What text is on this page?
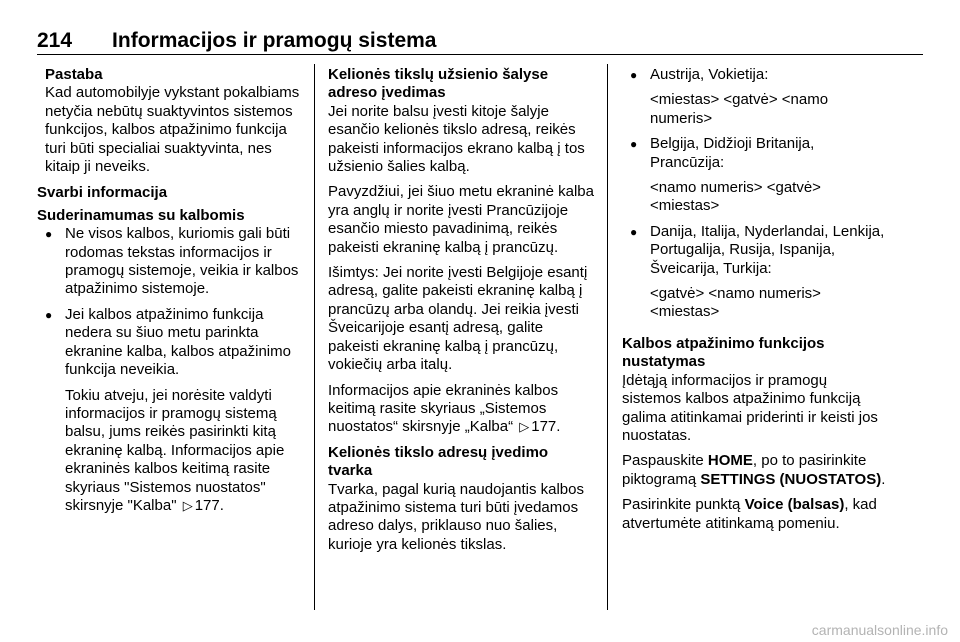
214 Informacijos ir pramogų sistema
Pastaba
Kad automobilyje vykstant pokalbiams netyčia nebūtų suaktyvintos sistemos funkcijos, kalbos atpažinimo funkcija turi būti specialiai suaktyvinta, nes kitaip ji neveiks.
Svarbi informacija
Suderinamumas su kalbomis

● Ne visos kalbos, kuriomis gali būti rodomas tekstas informacijos ir pramogų sistemoje, veikia ir kalbos atpažinimo sistemoje.

● Jei kalbos atpažinimo funkcija nedera su šiuo metu parinkta ekranine kalba, kalbos atpažinimo funkcija neveikia.

Tokiu atveju, jei norėsite valdyti informacijos ir pramogų sistemą balsu, jums reikės pasirinkti kitą ekraninę kalbą. Informacijos apie ekraninės kalbos keitimą rasite skyriaus "Sistemos nuostatos" skirsnyje "Kalba" ▷ 177.

Kelionės tikslų užsienio šalyse adreso įvedimas

Jei norite balsu įvesti kitoje šalyje esančio kelionės tikslo adresą, reikės pakeisti informacijos ekrano kalbą į tos užsienio šalies kalbą.

Pavyzdžiui, jei šiuo metu ekraninė kalba yra anglų ir norite įvesti Prancūzijoje esančio miesto pavadinimą, reikės pakeisti ekraninę kalbą į prancūzų.

Išimtys: Jei norite įvesti Belgijoje esantį adresą, galite pakeisti ekraninę kalbą į prancūzų arba olandų. Jei reikia įvesti Šveicarijoje esantį adresą, galite pakeisti ekraninę kalbą į prancūzų, vokiečių arba italų.

Informacijos apie ekraninės kalbos keitimą rasite skyriaus „Sistemos nuostatos“ skirsnyje „Kalba“ ▷ 177.

Kelionės tikslo adresų įvedimo tvarka

Tvarka, pagal kurią naudojantis kalbos atpažinimo sistema turi būti įvedamos adreso dalys, priklauso nuo šalies, kurioje yra kelionės tikslas.

● Austrija, Vokietija:

<miestas> <gatvė> <namo numeris>

● Belgija, Didžioji Britanija, Prancūzija:

<namo numeris> <gatvė> <miestas>

● Danija, Italija, Nyderlandai, Lenkija, Portugalija, Rusija, Ispanija, Šveicarija, Turkija:

<gatvė> <namo numeris> <miestas>

Kalbos atpažinimo funkcijos nustatymas

Įdėtąją informacijos ir pramogų sistemos kalbos atpažinimo funkciją galima atitinkamai priderinti ir keisti jos nuostatas.

Paspauskite HOME, po to pasirinkite piktogramą SETTINGS (NUOSTATOS).

Pasirinkite punktą Voice (balsas), kad atvertumėte atitinkamą pomeniu.

carmanualsonline.info
